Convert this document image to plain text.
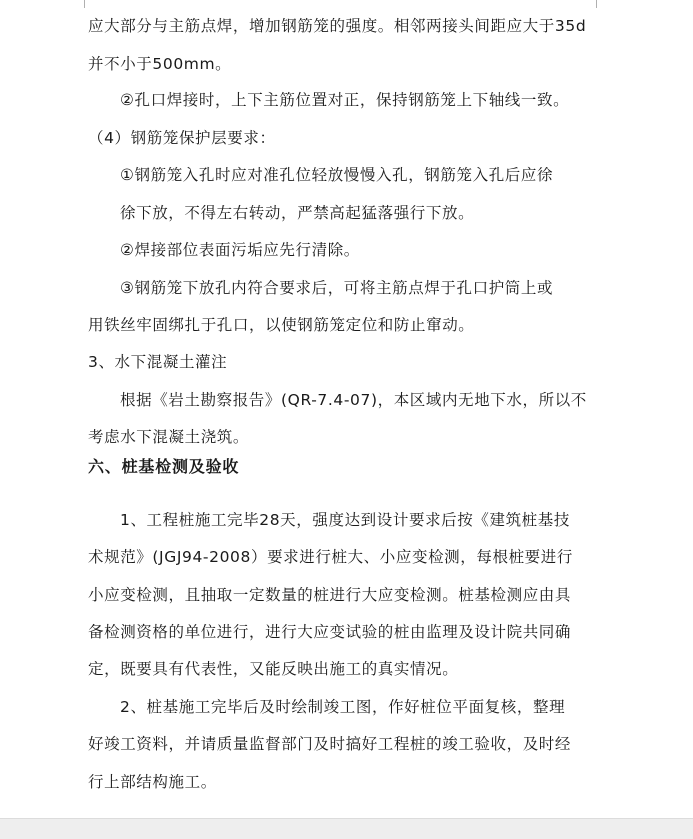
应大部分与主筋点焊，增加钢筋笼的强度。相邻两接头间距应大于35d
并不小于500mm。
②孔口焊接时，上下主筋位置对正，保持钢筋笼上下轴线一致。
（4）钢筋笼保护层要求：
①钢筋笼入孔时应对准孔位轻放慢慢入孔，钢筋笼入孔后应徐
徐下放，不得左右转动，严禁高起猛落强行下放。
②焊接部位表面污垢应先行清除。
③钢筋笼下放孔内符合要求后，可将主筋点焊于孔口护筒上或
用铁丝牢固绑扎于孔口，以使钢筋笼定位和防止窜动。
3、水下混凝土灌注
根据《岩土勘察报告》(QR-7.4-07)，本区域内无地下水，所以不
考虑水下混凝土浇筑。
六、桩基检测及验收
1、工程桩施工完毕28天，强度达到设计要求后按《建筑桩基技
术规范》(JGJ94-2008）要求进行桩大、小应变检测，每根桩要进行
小应变检测，且抽取一定数量的桩进行大应变检测。桩基检测应由具
备检测资格的单位进行，进行大应变试验的桩由监理及设计院共同确
定，既要具有代表性，又能反映出施工的真实情况。
2、桩基施工完毕后及时绘制竣工图，作好桩位平面复核，整理
好竣工资料，并请质量监督部门及时搞好工程桩的竣工验收，及时经
行上部结构施工。
